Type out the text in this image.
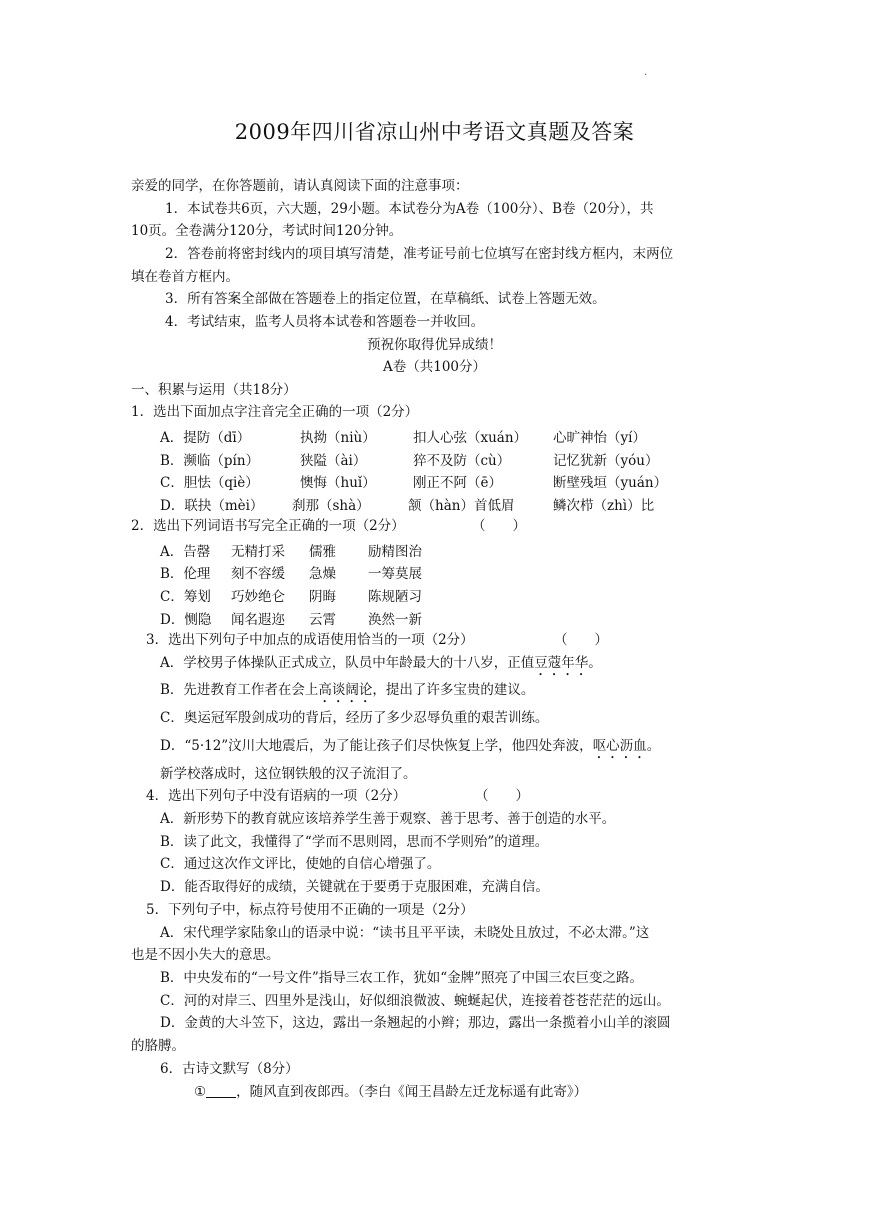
·
2009年四川省凉山州中考语文真题及答案
亲爱的同学，在你答题前，请认真阅读下面的注意事项：
1．本试卷共6页，六大题，29小题。本试卷分为A卷（100分）、B卷（20分），共
10页。全卷满分120分，考试时间120分钟。
2．答卷前将密封线内的项目填写清楚，准考证号前七位填写在密封线方框内，末两位
填在卷首方框内。
3．所有答案全部做在答题卷上的指定位置，在草稿纸、试卷上答题无效。
4．考试结束，监考人员将本试卷和答题卷一并收回。
预祝你取得优异成绩！
A卷（共100分）
一、积累与运用（共18分）
1．选出下面加点字注音完全正确的一项（2分）
A．提防（dī）	执拗（niù）	扣人心弦（xuán） 心旷神怡（yí）
B．濒临（pín）	狭隘（ài）	猝不及防（cù）	记忆犹新（yóu）
C．胆怯（qiè）	懊悔（huǐ）	刚正不阿（ē）	断壁残垣（yuán）
D．联抉（mèi） 刹那（shà）	颔（hàn）首低眉	鳞次栉（zhì）比
2．选出下列词语书写完全正确的一项（2分）	（　　）
A．告罄 无精打采 儒雅 励精图治
B．伦理 刻不容缓 急燥 一筹莫展
C．筹划 巧妙绝仑 阴晦 陈规陋习
D．恻隐 闻名遐迩 云霄 涣然一新
3．选出下列句子中加点的成语使用恰当的一项（2分）	（　　）
A．学校男子体操队正式成立，队员中年龄最大的十八岁，正值豆蔻年华。
B．先进教育工作者在会上高谈阔论，提出了许多宝贵的建议。
C．奥运冠军殷剑成功的背后，经历了多少忍辱负重的艰苦训练。
D．“5·12”汶川大地震后，为了能让孩子们尽快恢复上学，他四处奔波，呕心沥血。
新学校落成时，这位钢铁般的汉子流泪了。
4．选出下列句子中没有语病的一项（2分）	（　　）
A．新形势下的教育就应该培养学生善于观察、善于思考、善于创造的水平。
B．读了此文，我懂得了“学而不思则罔，思而不学则殆”的道理。
C．通过这次作文评比，使她的自信心增强了。
D．能否取得好的成绩，关键就在于要勇于克服困难，充满自信。
5．下列句子中，标点符号使用不正确的一项是（2分）
A．宋代理学家陆象山的语录中说：“读书且平平读，未晓处且放过，不必太滞。”这
也是不因小失大的意思。
B．中央发布的“一号文件”指导三农工作，犹如“金牌”照亮了中国三农巨变之路。
C．河的对岸三、四里外是浅山，好似细浪微波、蜿蜒起伏，连接着苍苍茫茫的远山。
D．金黄的大斗笠下，这边，露出一条翘起的小辫；那边，露出一条揽着小山羊的滚圆
的胳膊。
6．古诗文默写（8分）
① ，随风直到夜郎西。（李白《闻王昌龄左迁龙标遥有此寄》）
